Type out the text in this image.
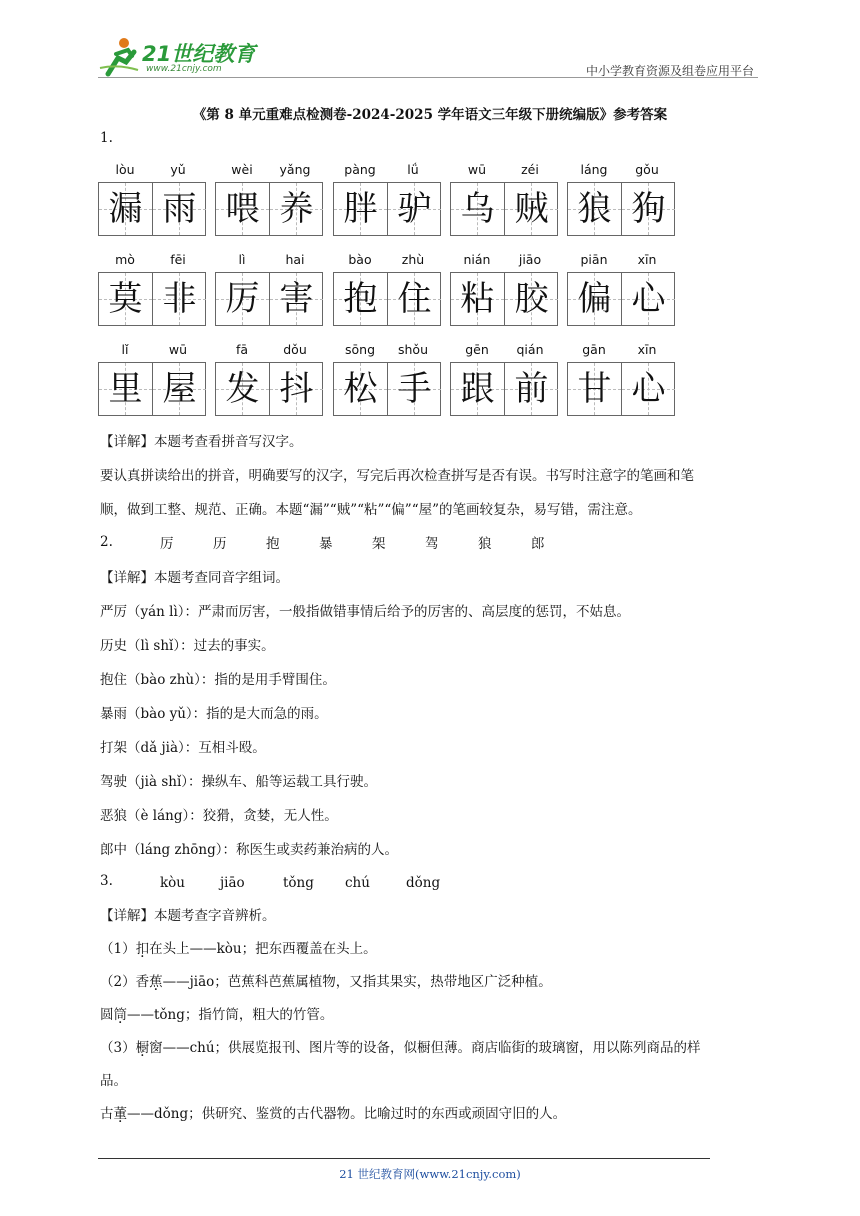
21世纪教育
www.21cnjy.com	中小学教育资源及组卷应用平台
《第 8 单元重难点检测卷-2024-2025 学年语文三年级下册统编版》参考答案
1.
lòu	yǔ
漏 雨
wèi	yǎng
喂 养
pàng	lǘ
胖 驴
wū	zéi
乌 贼
láng	gǒu
狼 狗
mò	fēi
莫 非
lì	hai
厉 害
bào	zhù
抱 住
nián	jiāo
粘 胶
piān	xīn
偏 心
lǐ	wū
里 屋
fā	dǒu
发 抖
sōng	shǒu
松 手
gēn	qián
跟 前
gān	xīn
甘 心
【详解】本题考查看拼音写汉字。
要认真拼读给出的拼音，明确要写的汉字，写完后再次检查拼写是否有误。书写时注意字的笔画和笔
顺，做到工整、规范、正确。本题“漏”“贼”“粘”“偏”“屋”的笔画较复杂，易写错，需注意。
2.	厉	历	抱	暴	架	驾	狼	郎
【详解】本题考查同音字组词。
严厉（yán lì）：严肃而厉害，一般指做错事情后给予的厉害的、高层度的惩罚，不姑息。
历史（lì shǐ）：过去的事实。
抱住（bào zhù）：指的是用手臂围住。
暴雨（bào yǔ）：指的是大而急的雨。
打架（dǎ jià）：互相斗殴。
驾驶（jià shǐ）：操纵车、船等运载工具行驶。
恶狼（è láng）：狡猾，贪婪，无人性。
郎中（láng zhōng）：称医生或卖药兼治病的人。
3.	kòu	jiāo	tǒng	chú	dǒng
【详解】本题考查字音辨析。
（1）扣在头上——kòu；把东西覆盖在头上。
（2）香蕉——jiāo；芭蕉科芭蕉属植物，又指其果实，热带地区广泛种植。
圆筒——tǒng；指竹筒，粗大的竹管。
（3）橱窗——chú；供展览报刊、图片等的设备，似橱但薄。商店临街的玻璃窗，用以陈列商品的样
品。
古董——dǒng；供研究、鉴赏的古代器物。比喻过时的东西或顽固守旧的人。
21 世纪教育网(www.21cnjy.com)
